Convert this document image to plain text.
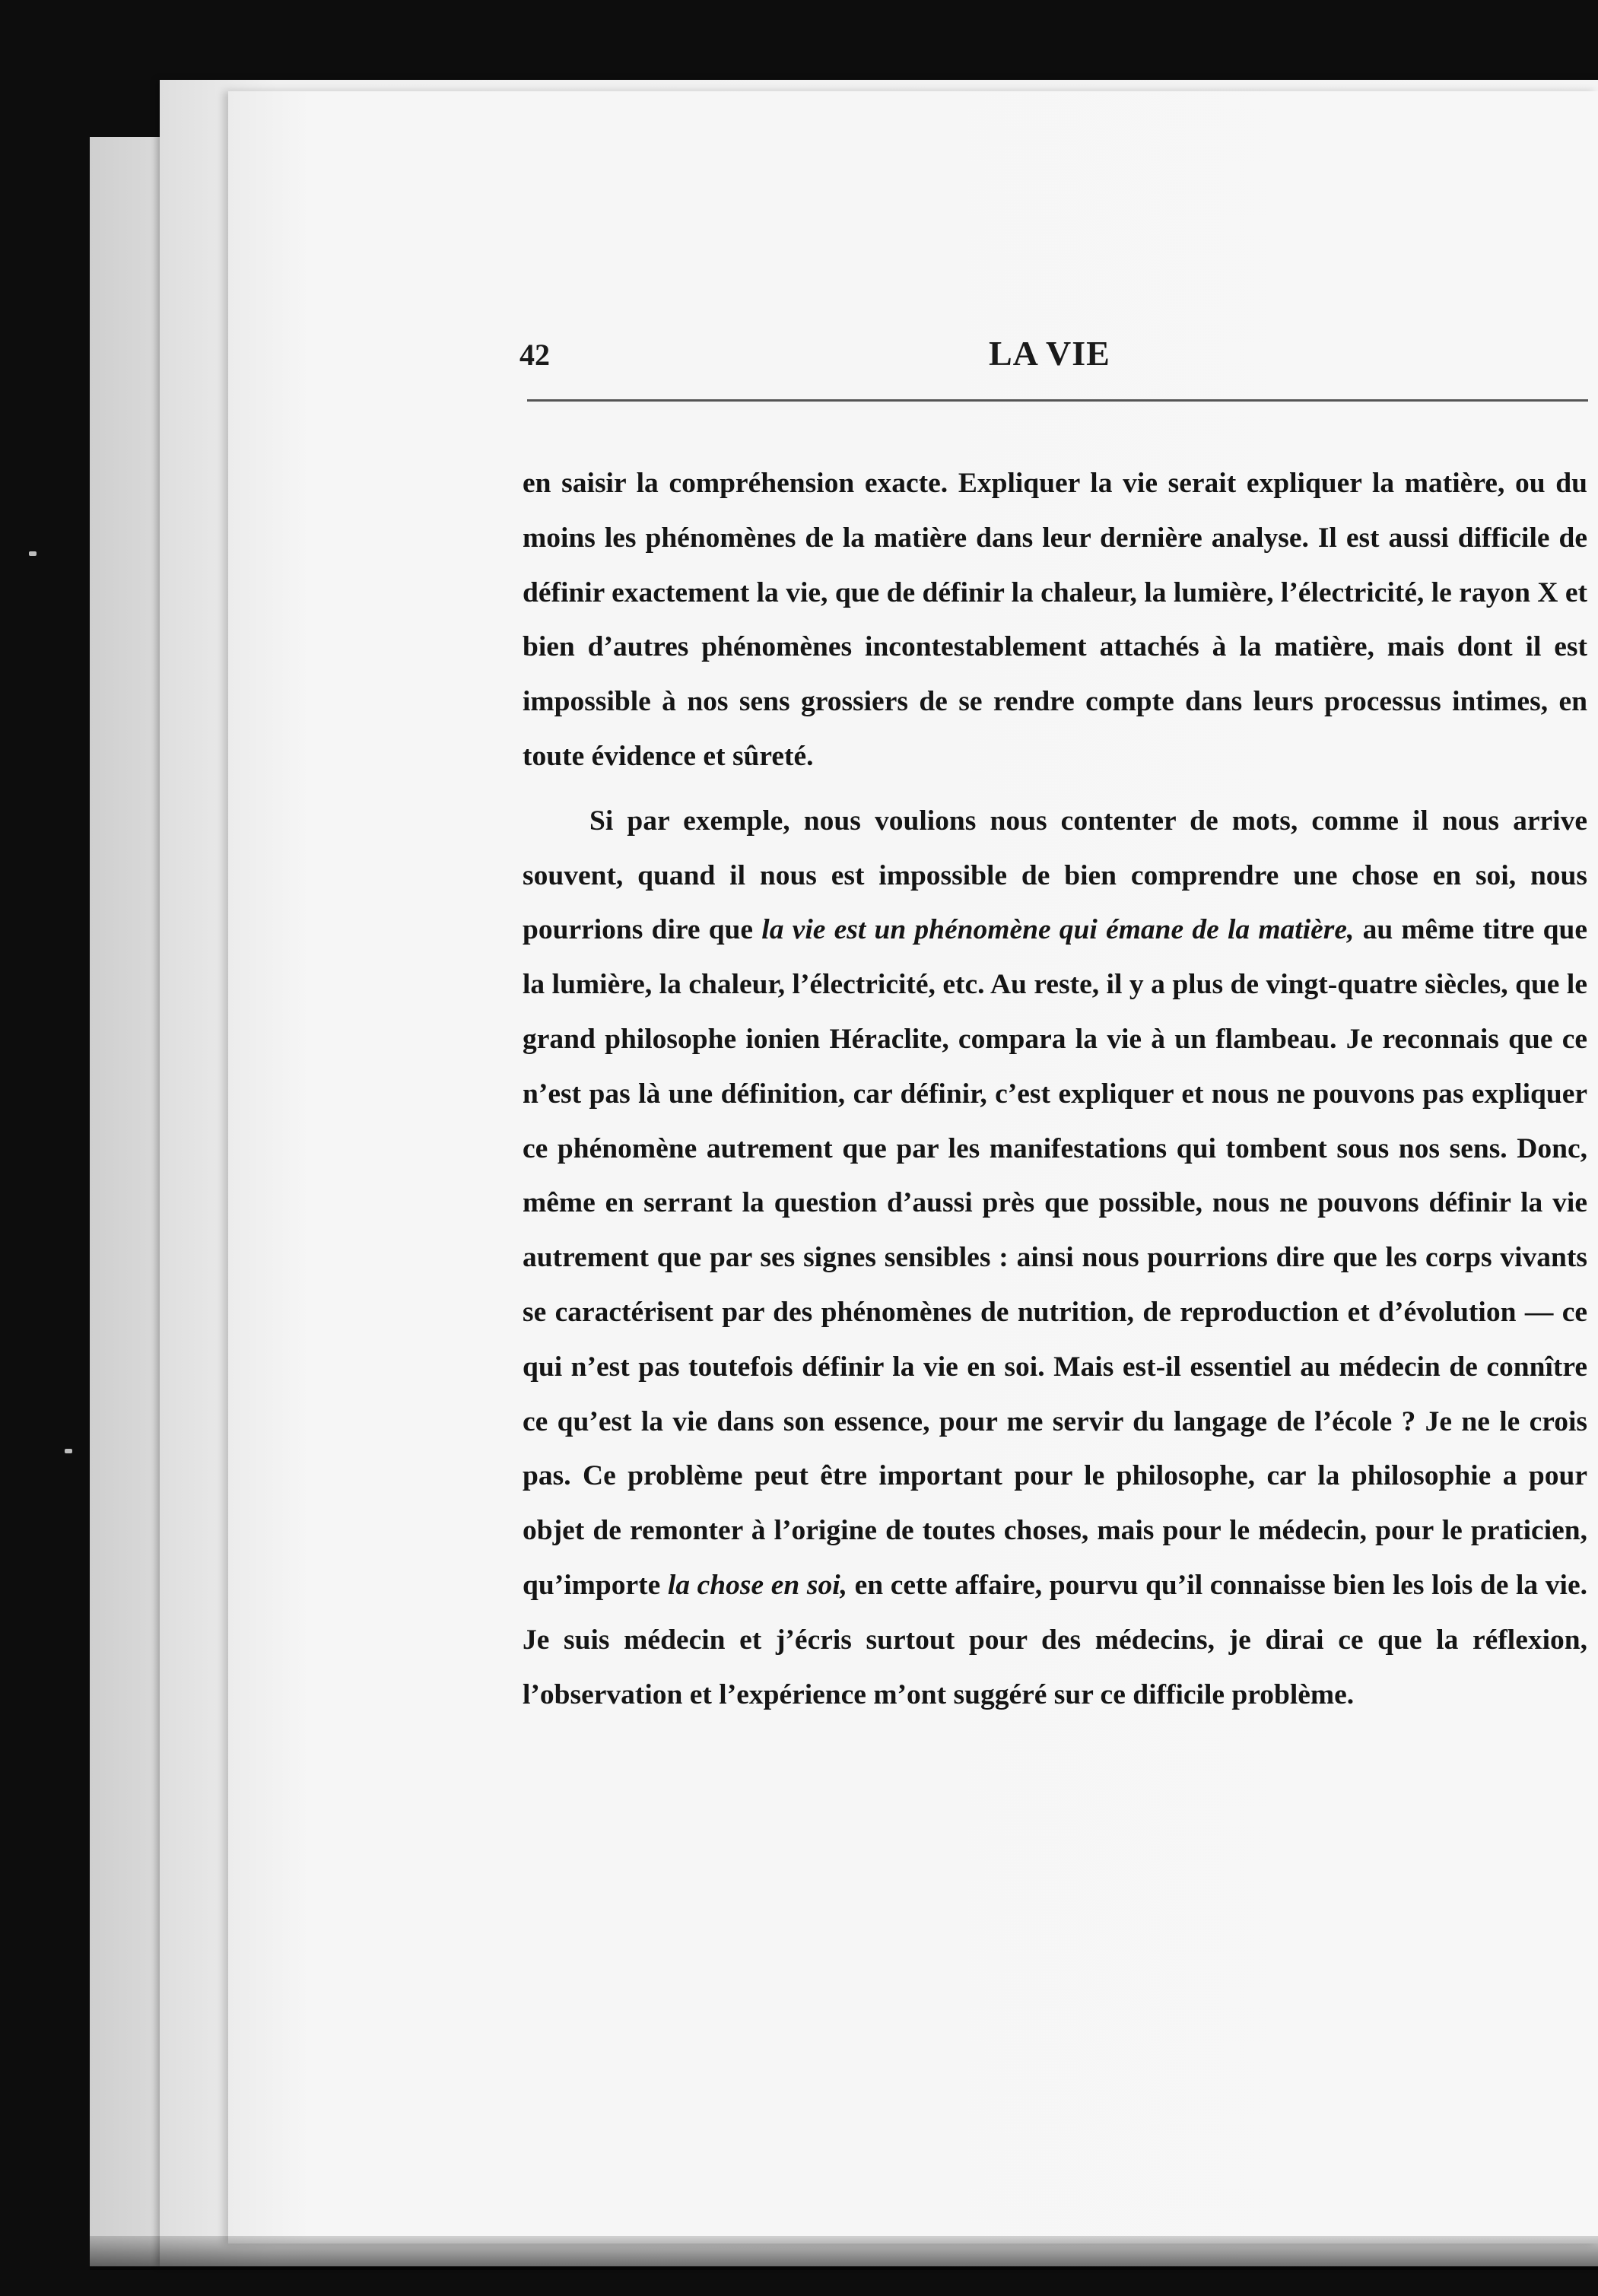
42	LA VIE

en saisir la compréhension exacte. Expliquer la vie serait expliquer la matière, ou du moins les phénomènes de la matière dans leur dernière analyse. Il est aussi difficile de définir exactement la vie, que de définir la chaleur, la lumière, l’électricité, le rayon X et bien d’autres phénomènes incontestablement attachés à la matière, mais dont il est impossible à nos sens grossiers de se rendre compte dans leurs processus intimes, en toute évidence et sûreté.

Si par exemple, nous voulions nous contenter de mots, comme il nous arrive souvent, quand il nous est impossible de bien comprendre une chose en soi, nous pourrions dire que la vie est un phénomène qui émane de la matière, au même titre que la lumière, la chaleur, l’électricité, etc. Au reste, il y a plus de vingt-quatre siècles, que le grand philosophe ionien Héraclite, compara la vie à un flambeau. Je reconnais que ce n’est pas là une définition, car définir, c’est expliquer et nous ne pouvons pas expliquer ce phénomène autrement que par les manifestations qui tombent sous nos sens. Donc, même en serrant la question d’aussi près que possible, nous ne pouvons définir la vie autrement que par ses signes sensibles : ainsi nous pourrions dire que les corps vivants se caractérisent par des phénomènes de nutrition, de reproduction et d’évolution — ce qui n’est pas toutefois définir la vie en soi. Mais est-il essentiel au médecin de connître ce qu’est la vie dans son essence, pour me servir du langage de l’école ? Je ne le crois pas. Ce problème peut être important pour le philosophe, car la philosophie a pour objet de remonter à l’origine de toutes choses, mais pour le médecin, pour le praticien, qu’importe la chose en soi, en cette affaire, pourvu qu’il connaisse bien les lois de la vie. Je suis médecin et j’écris surtout pour des médecins, je dirai ce que la réflexion, l’observation et l’expérience m’ont suggéré sur ce difficile problème.
